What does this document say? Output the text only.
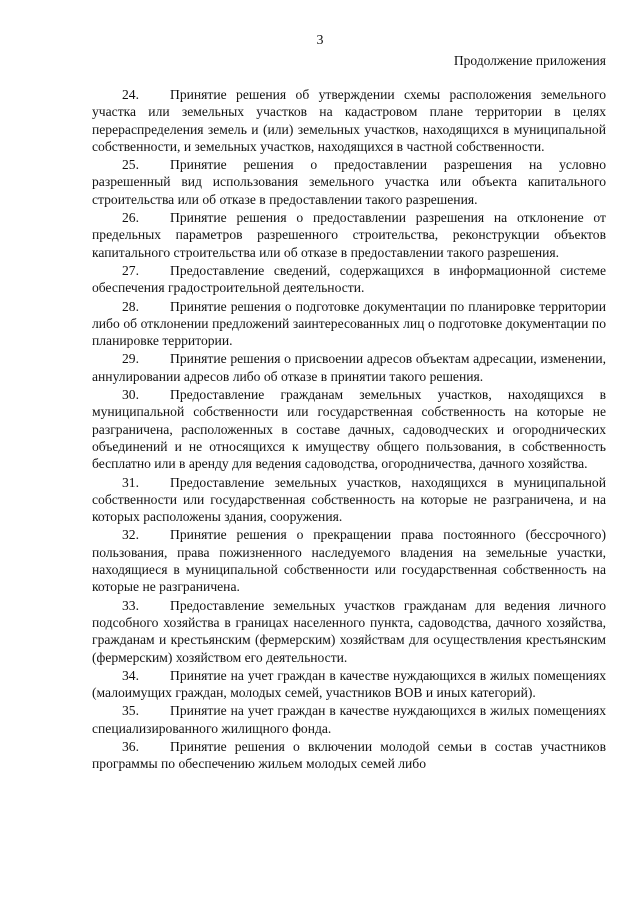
3
Продолжение приложения

24. Принятие решения об утверждении схемы расположения земельного участка или земельных участков на кадастровом плане территории в целях перераспределения земель и (или) земельных участков, находящихся в муниципальной собственности, и земельных участков, находящихся в частной собственности.

25. Принятие решения о предоставлении разрешения на условно разрешенный вид использования земельного участка или объекта капитального строительства или об отказе в предоставлении такого разрешения.

26. Принятие решения о предоставлении разрешения на отклонение от предельных параметров разрешенного строительства, реконструкции объектов капитального строительства или об отказе в предоставлении такого разрешения.

27. Предоставление сведений, содержащихся в информационной системе обеспечения градостроительной деятельности.

28. Принятие решения о подготовке документации по планировке территории либо об отклонении предложений заинтересованных лиц о подготовке документации по планировке территории.

29. Принятие решения о присвоении адресов объектам адресации, изменении, аннулировании адресов либо об отказе в принятии такого решения.

30. Предоставление гражданам земельных участков, находящихся в муниципальной собственности или государственная собственность на которые не разграничена, расположенных в составе дачных, садоводческих и огороднических объединений и не относящихся к имуществу общего пользования, в собственность бесплатно или в аренду для ведения садоводства, огородничества, дачного хозяйства.

31. Предоставление земельных участков, находящихся в муниципальной собственности или государственная собственность на которые не разграничена, и на которых расположены здания, сооружения.

32. Принятие решения о прекращении права постоянного (бессрочного) пользования, права пожизненного наследуемого владения на земельные участки, находящиеся в муниципальной собственности или государственная собственность на которые не разграничена.

33. Предоставление земельных участков гражданам для ведения личного подсобного хозяйства в границах населенного пункта, садоводства, дачного хозяйства, гражданам и крестьянским (фермерским) хозяйствам для осуществления крестьянским (фермерским) хозяйством его деятельности.

34. Принятие на учет граждан в качестве нуждающихся в жилых помещениях (малоимущих граждан, молодых семей, участников ВОВ и иных категорий).

35. Принятие на учет граждан в качестве нуждающихся в жилых помещениях специализированного жилищного фонда.

36. Принятие решения о включении молодой семьи в состав участников программы по обеспечению жильем молодых семей либо
